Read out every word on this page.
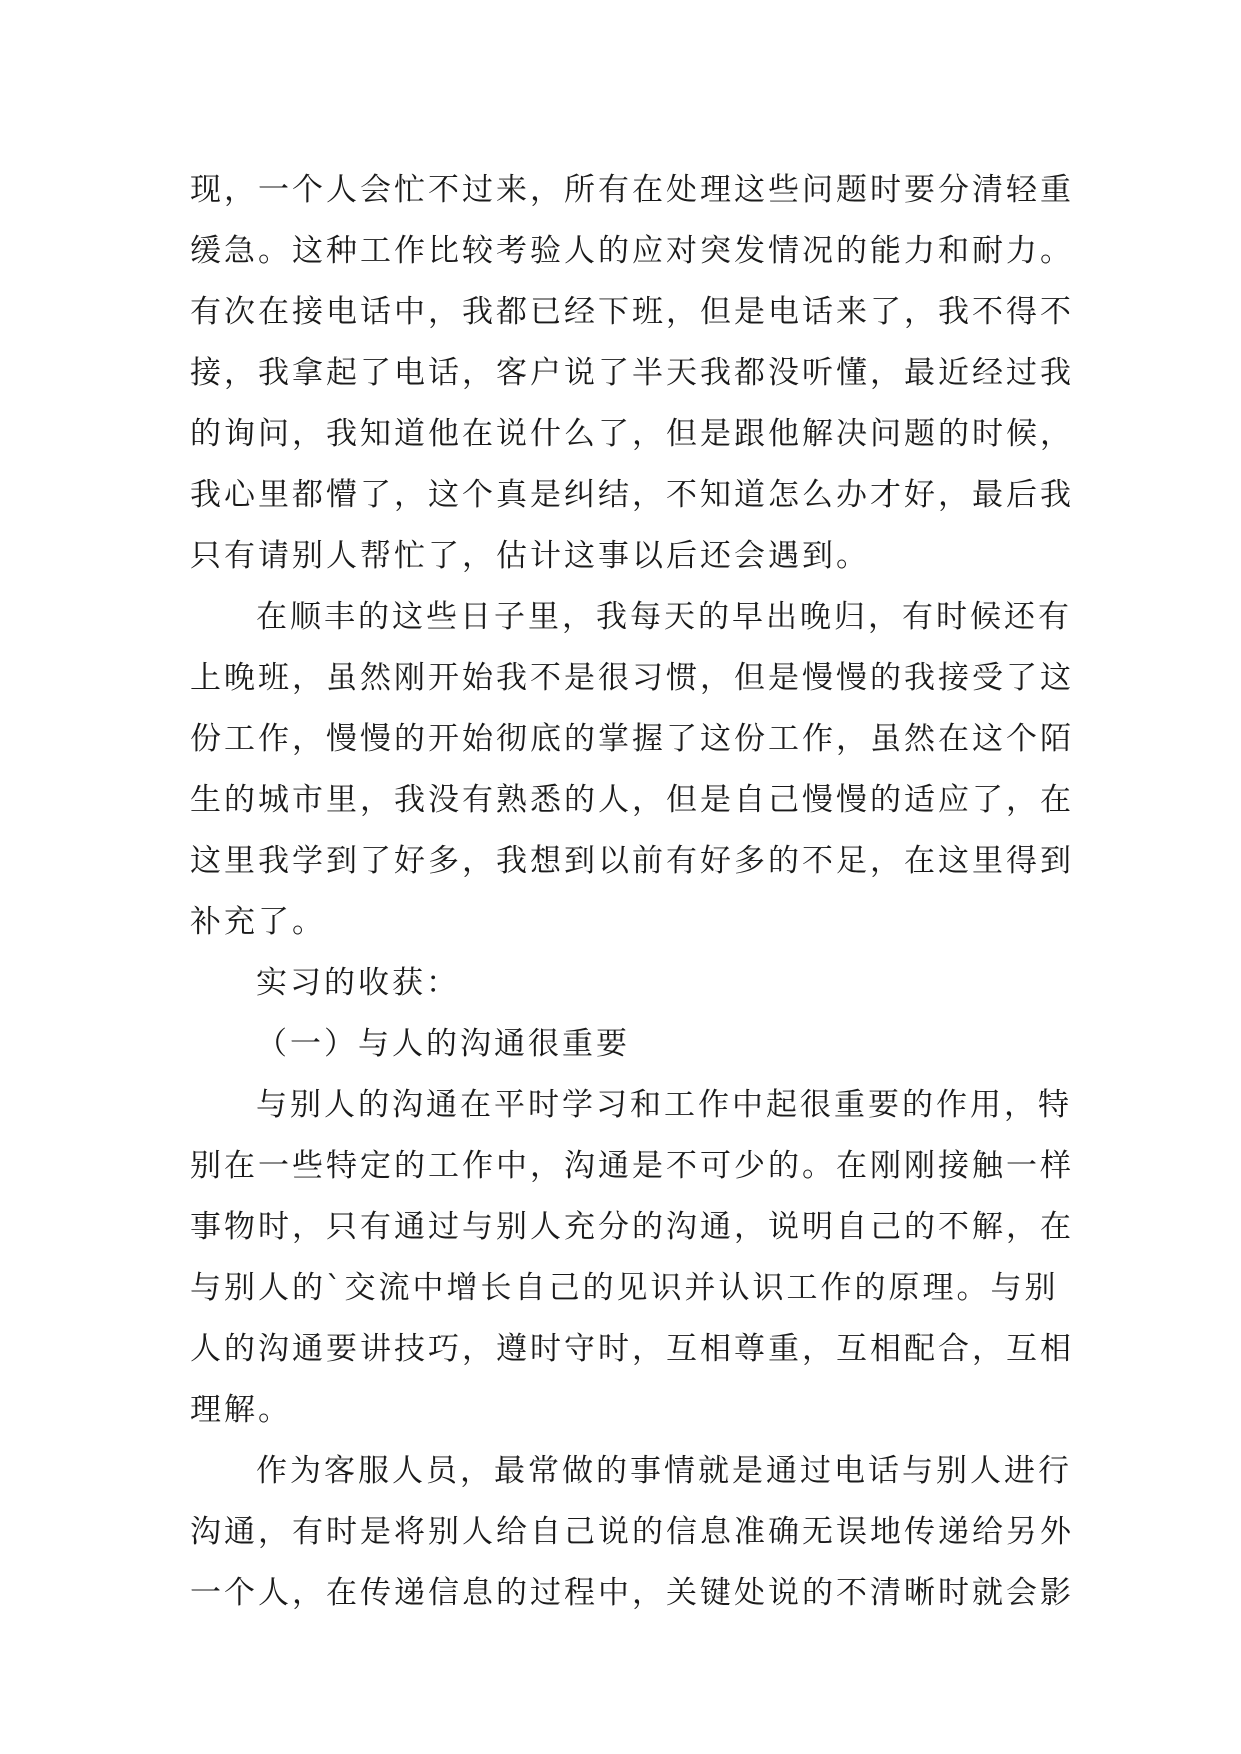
现，一个人会忙不过来，所有在处理这些问题时要分清轻重
缓急。这种工作比较考验人的应对突发情况的能力和耐力。
有次在接电话中，我都已经下班，但是电话来了，我不得不
接，我拿起了电话，客户说了半天我都没听懂，最近经过我
的询问，我知道他在说什么了，但是跟他解决问题的时候，
我心里都懵了，这个真是纠结，不知道怎么办才好，最后我
只有请别人帮忙了，估计这事以后还会遇到。
在顺丰的这些日子里，我每天的早出晚归，有时候还有
上晚班，虽然刚开始我不是很习惯，但是慢慢的我接受了这
份工作，慢慢的开始彻底的掌握了这份工作，虽然在这个陌
生的城市里，我没有熟悉的人，但是自己慢慢的适应了，在
这里我学到了好多，我想到以前有好多的不足，在这里得到
补充了。
实习的收获：
（一）与人的沟通很重要
与别人的沟通在平时学习和工作中起很重要的作用，特
别在一些特定的工作中，沟通是不可少的。在刚刚接触一样
事物时，只有通过与别人充分的沟通，说明自己的不解，在
与别人的`交流中增长自己的见识并认识工作的原理。与别
人的沟通要讲技巧，遵时守时，互相尊重，互相配合，互相
理解。
作为客服人员，最常做的事情就是通过电话与别人进行
沟通，有时是将别人给自己说的信息准确无误地传递给另外
一个人，在传递信息的过程中，关键处说的不清晰时就会影
